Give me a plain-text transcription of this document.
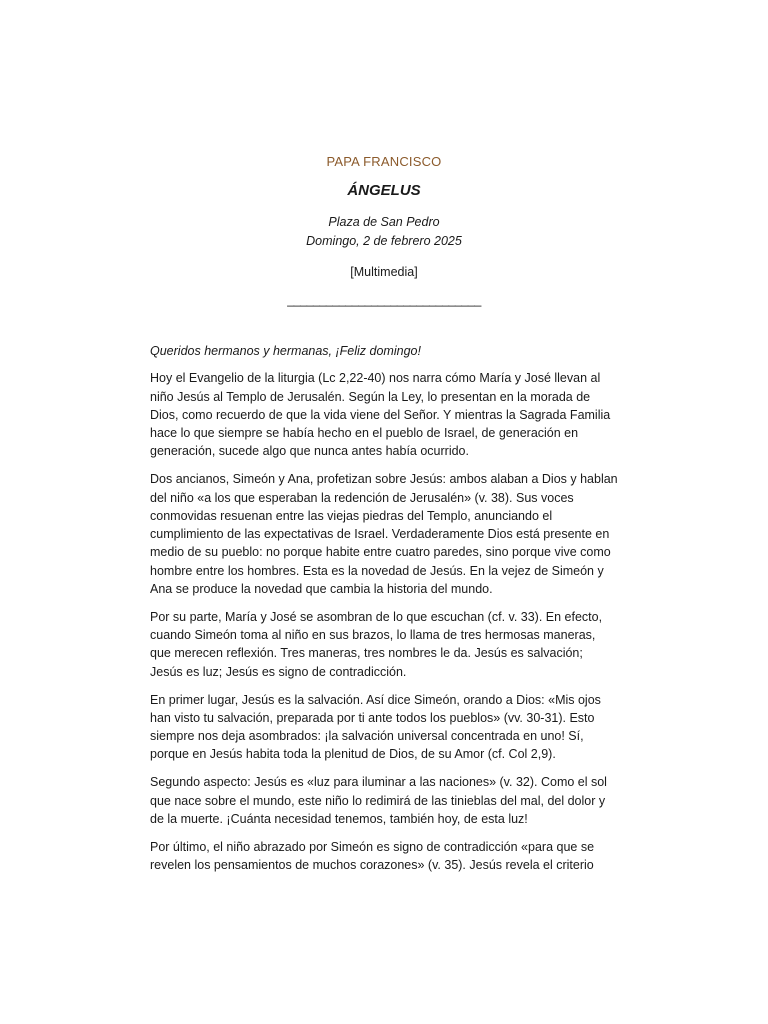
PAPA FRANCISCO
ÁNGELUS
Plaza de San Pedro
Domingo, 2 de febrero 2025
[Multimedia]
______________________________

Queridos hermanos y hermanas, ¡Feliz domingo!

Hoy el Evangelio de la liturgia (Lc 2,22-40) nos narra cómo María y José llevan al niño Jesús al Templo de Jerusalén. Según la Ley, lo presentan en la morada de Dios, como recuerdo de que la vida viene del Señor. Y mientras la Sagrada Familia hace lo que siempre se había hecho en el pueblo de Israel, de generación en generación, sucede algo que nunca antes había ocurrido.

Dos ancianos, Simeón y Ana, profetizan sobre Jesús: ambos alaban a Dios y hablan del niño «a los que esperaban la redención de Jerusalén» (v. 38). Sus voces conmovidas resuenan entre las viejas piedras del Templo, anunciando el cumplimiento de las expectativas de Israel. Verdaderamente Dios está presente en medio de su pueblo: no porque habite entre cuatro paredes, sino porque vive como hombre entre los hombres. Esta es la novedad de Jesús. En la vejez de Simeón y Ana se produce la novedad que cambia la historia del mundo.

Por su parte, María y José se asombran de lo que escuchan (cf. v. 33). En efecto, cuando Simeón toma al niño en sus brazos, lo llama de tres hermosas maneras, que merecen reflexión. Tres maneras, tres nombres le da. Jesús es salvación; Jesús es luz; Jesús es signo de contradicción.

En primer lugar, Jesús es la salvación. Así dice Simeón, orando a Dios: «Mis ojos han visto tu salvación, preparada por ti ante todos los pueblos» (vv. 30-31). Esto siempre nos deja asombrados: ¡la salvación universal concentrada en uno! Sí, porque en Jesús habita toda la plenitud de Dios, de su Amor (cf. Col 2,9).

Segundo aspecto: Jesús es «luz para iluminar a las naciones» (v. 32). Como el sol que nace sobre el mundo, este niño lo redimirá de las tinieblas del mal, del dolor y de la muerte. ¡Cuánta necesidad tenemos, también hoy, de esta luz!

Por último, el niño abrazado por Simeón es signo de contradicción «para que se revelen los pensamientos de muchos corazones» (v. 35). Jesús revela el criterio
